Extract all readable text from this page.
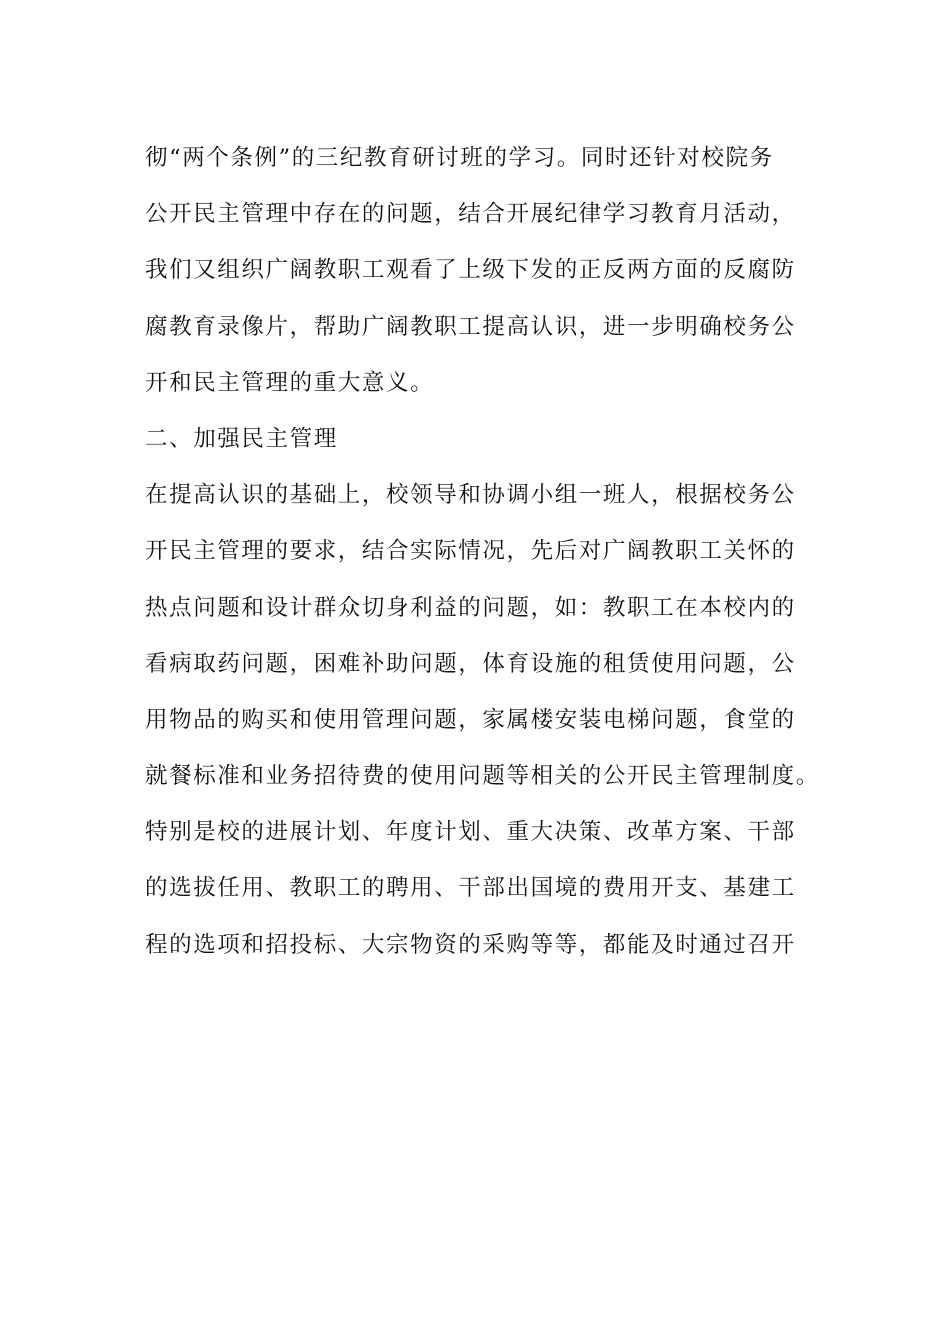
彻“两个条例”的三纪教育研讨班的学习。同时还针对校院务

公开民主管理中存在的问题，结合开展纪律学习教育月活动，

我们又组织广阔教职工观看了上级下发的正反两方面的反腐防

腐教育录像片，帮助广阔教职工提高认识，进一步明确校务公

开和民主管理的重大意义。

二、加强民主管理

在提高认识的基础上，校领导和协调小组一班人，根据校务公

开民主管理的要求，结合实际情况，先后对广阔教职工关怀的

热点问题和设计群众切身利益的问题，如：教职工在本校内的

看病取药问题，困难补助问题，体育设施的租赁使用问题，公

用物品的购买和使用管理问题，家属楼安装电梯问题，食堂的

就餐标准和业务招待费的使用问题等相关的公开民主管理制度。

特别是校的进展计划、年度计划、重大决策、改革方案、干部

的选拔任用、教职工的聘用、干部出国境的费用开支、基建工

程的选项和招投标、大宗物资的采购等等，都能及时通过召开
